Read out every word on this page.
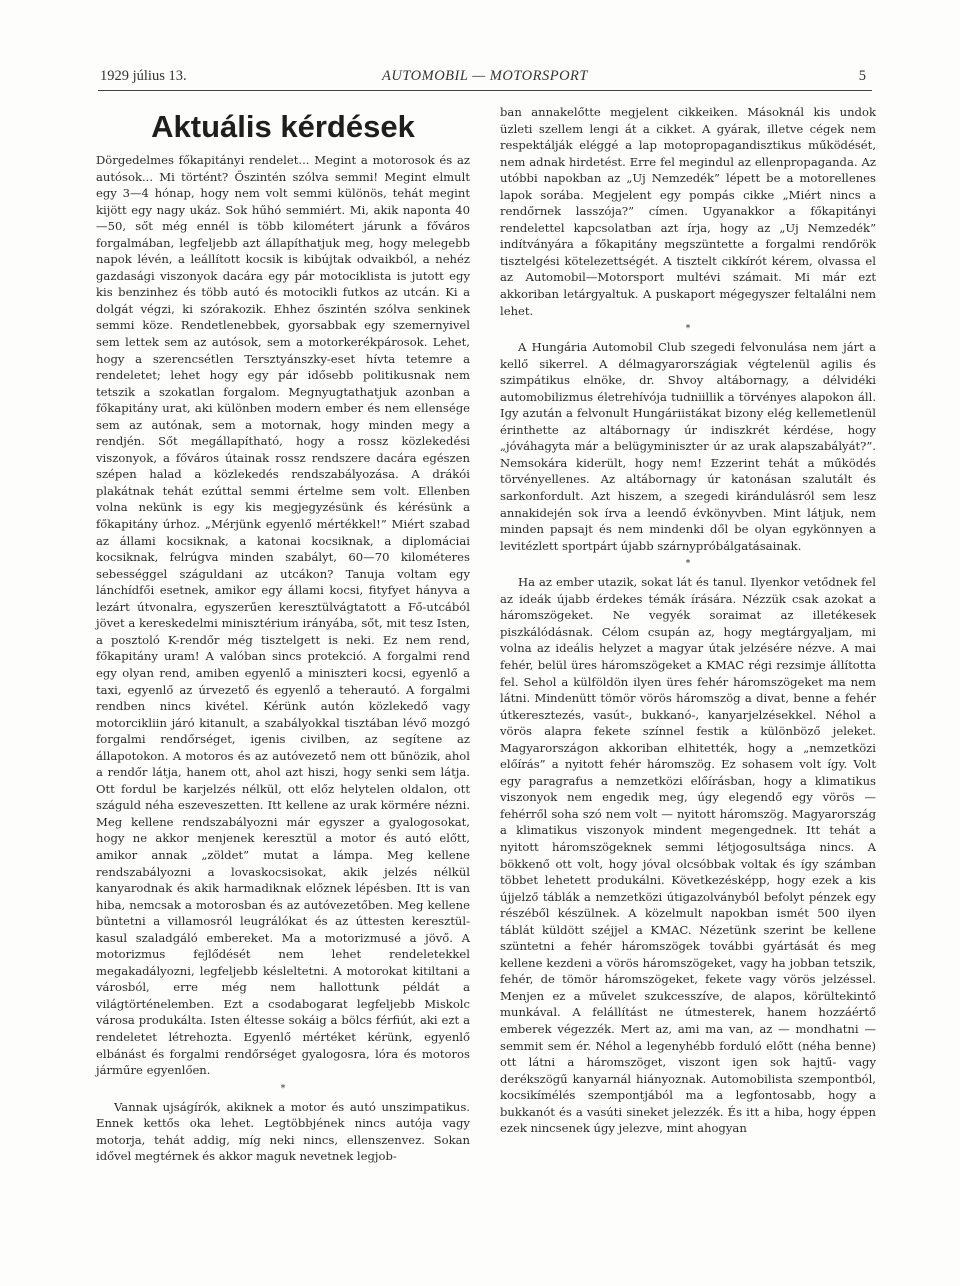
1929 július 13.	AUTOMOBIL — MOTORSPORT	5
Aktuális kérdések

Dörgedelmes főkapitányi rendelet... Megint a motorosok és az autósok... Mi történt? Őszintén szólva semmi! Megint elmult egy 3—4 hónap, hogy nem volt semmi különös, tehát megint kijött egy nagy ukáz. Sok hűhó semmiért. Mi, akik naponta 40—50, sőt még ennél is több kilométert járunk a főváros forgalmában, legfeljebb azt állapíthatjuk meg, hogy melegebb napok lévén, a leállított kocsik is kibújtak odvaikból, a nehéz gazdasági viszonyok dacára egy pár motociklista is jutott egy kis benzinhez és több autó és motocikli futkos az utcán. Ki a dolgát végzi, ki szórakozik. Ehhez őszintén szólva senkinek semmi köze. Rendetlenebbek, gyorsabbak egy szemernyivel sem lettek sem az autósok, sem a motorkerékpárosok. Lehet, hogy a szerencsétlen Tersztyánszky-eset hívta tetemre a rendeletet; lehet hogy egy pár idősebb politikusnak nem tetszik a szokatlan forgalom. Megnyugtathatjuk azonban a főkapitány urat, aki különben modern ember és nem ellensége sem az autónak, sem a motornak, hogy minden megy a rendjén. Sőt megállapítható, hogy a rossz közlekedési viszonyok, a főváros útainak rossz rendszere dacára egészen szépen halad a közlekedés rendszabályozása. A drákói plakátnak tehát ezúttal semmi értelme sem volt. Ellenben volna nekünk is egy kis megjegyzésünk és kérésünk a főkapitány úrhoz. „Mérjünk egyenlő mértékkel!” Miért szabad az állami kocsiknak, a katonai kocsiknak, a diplomáciai kocsiknak, felrúgva minden szabályt, 60—70 kilométeres sebességgel száguldani az utcákon? Tanuja voltam egy lánchídfői esetnek, amikor egy állami kocsi, fityfyet hányva a lezárt útvonalra, egyszerűen keresztülvágtatott a Fő-utcából jövet a kereskedelmi minisztérium irányába, sőt, mit tesz Isten, a posztoló K-rendőr még tisztelgett is neki. Ez nem rend, főkapitány uram! A valóban sincs protekció. A forgalmi rend egy olyan rend, amiben egyenlő a miniszteri kocsi, egyenlő a taxi, egyenlő az úrvezető és egyenlő a teherautó. A forgalmi rendben nincs kivétel. Kérünk autón közlekedő vagy motorcikliin járó kitanult, a szabályokkal tisztában lévő mozgó forgalmi rendőrséget, igenis civilben, az segítene az állapotokon. A motoros és az autóvezető nem ott bűnözik, ahol a rendőr látja, hanem ott, ahol azt hiszi, hogy senki sem látja. Ott fordul be karjelzés nélkül, ott előz helytelen oldalon, ott száguld néha eszeveszetten. Itt kellene az urak körmére nézni. Meg kellene rendszabályozni már egyszer a gyalogosokat, hogy ne akkor menjenek keresztül a motor és autó előtt, amikor annak „zöldet” mutat a lámpa. Meg kellene rendszabályozni a lovaskocsisokat, akik jelzés nélkül kanyarodnak és akik harmadiknak előznek lépésben. Itt is van hiba, nemcsak a motorosban és az autóvezetőben. Meg kellene büntetni a villamosról leugrálókat és az úttesten keresztül-kasul szaladgáló embereket. Ma a motorizmusé a jövő. A motorizmus fejlődését nem lehet rendeletekkel megakadályozni, legfeljebb késleltetni. A motorokat kitiltani a városból, erre még nem hallottunk példát a világtörténelemben. Ezt a csodabogarat legfeljebb Miskolc városa produkálta. Isten éltesse sokáig a bölcs férfiút, aki ezt a rendeletet létrehozta. Egyenlő mértéket kérünk, egyenlő elbánást és forgalmi rendőrséget gyalogosra, lóra és motoros járműre egyenlően.

*

Vannak ujságírók, akiknek a motor és autó unszimpatikus. Ennek kettős oka lehet. Legtöbbjének nincs autója vagy motorja, tehát addig, míg neki nincs, ellenszenvez. Sokan idővel megtérnek és akkor maguk nevetnek legjob-

ban annakelőtte megjelent cikkeiken. Másoknál kis undok üzleti szellem lengi át a cikket. A gyárak, illetve cégek nem respektálják eléggé a lap motopropagandisztikus működését, nem adnak hirdetést. Erre fel megindul az ellenpropaganda. Az utóbbi napokban az „Uj Nemzedék” lépett be a motorellenes lapok sorába. Megjelent egy pompás cikke „Miért nincs a rendőrnek lasszója?” címen. Ugyanakkor a főkapitányi rendelettel kapcsolatban azt írja, hogy az „Uj Nemzedék” indítványára a főkapitány megszüntette a forgalmi rendőrök tisztelgési kötelezettségét. A tisztelt cikkírót kérem, olvassa el az Automobil—Motorsport multévi számait. Mi már ezt akkoriban letárgyaltuk. A puskaport mégegyszer feltalálni nem lehet.

*

A Hungária Automobil Club szegedi felvonulása nem járt a kellő sikerrel. A délmagyarországiak végtelenül agilis és szimpátikus elnöke, dr. Shvoy altábornagy, a délvidéki automobilizmus életrehívója tudniillik a törvényes alapokon áll. Igy azután a felvonult Hungáriistákat bizony elég kellemetlenül érinthette az altábornagy úr indiszkrét kérdése, hogy „jóváhagyta már a belügyminiszter úr az urak alapszabályát?”. Nemsokára kiderült, hogy nem! Ezzerint tehát a működés törvényellenes. Az altábornagy úr katonásan szalutált és sarkonfordult. Azt hiszem, a szegedi kirándulásról sem lesz annakidején sok írva a leendő évkönyvben. Mint látjuk, nem minden papsajt és nem mindenki dől be olyan egykönnyen a levitézlett sportpárt újabb szárnypróbálgatásainak.

*

Ha az ember utazik, sokat lát és tanul. Ilyenkor vetődnek fel az ideák újabb érdekes témák írására. Nézzük csak azokat a háromszögeket. Ne vegyék soraimat az illetékesek piszkálódásnak. Célom csupán az, hogy megtárgyaljam, mi volna az ideális helyzet a magyar útak jelzésére nézve. A mai fehér, belül üres háromszögeket a KMAC régi rezsimje állította fel. Sehol a külföldön ilyen üres fehér háromszögeket ma nem látni. Mindenütt tömör vörös háromszög a divat, benne a fehér útkeresztezés, vasút-, bukkanó-, kanyarjelzésekkel. Néhol a vörös alapra fekete színnel festik a különböző jeleket. Magyarországon akkoriban elhitették, hogy a „nemzetközi előírás” a nyitott fehér háromszög. Ez sohasem volt így. Volt egy paragrafus a nemzetközi előírásban, hogy a klimatikus viszonyok nem engedik meg, úgy elegendő egy vörös — fehérről soha szó nem volt — nyitott háromszög. Magyarország a klimatikus viszonyok mindent megengednek. Itt tehát a nyitott háromszögeknek semmi létjogosultsága nincs. A bökkenő ott volt, hogy jóval olcsóbbak voltak és így számban többet lehetett produkálni. Következésképp, hogy ezek a kis újjelző táblák a nemzetközi útigazolványból befolyt pénzek egy részéből készülnek. A közelmult napokban ismét 500 ilyen táblát küldött széjjel a KMAC. Nézetünk szerint be kellene szüntetni a fehér háromszögek további gyártását és meg kellene kezdeni a vörös háromszögeket, vagy ha jobban tetszik, fehér, de tömör háromszögeket, fekete vagy vörös jelzéssel. Menjen ez a művelet szukcesszíve, de alapos, körültekintő munkával. A felállítást ne útmesterek, hanem hozzáértő emberek végezzék. Mert az, ami ma van, az — mondhatni — semmit sem ér. Néhol a legenyhébb forduló előtt (néha benne) ott látni a háromszöget, viszont igen sok hajtű- vagy derékszögű kanyarnál hiányoznak. Automobilista szempontból, kocsikímélés szempontjából ma a legfontosabb, hogy a bukkanót és a vasúti sineket jelezzék. És itt a hiba, hogy éppen ezek nincsenek úgy jelezve, mint ahogyan
